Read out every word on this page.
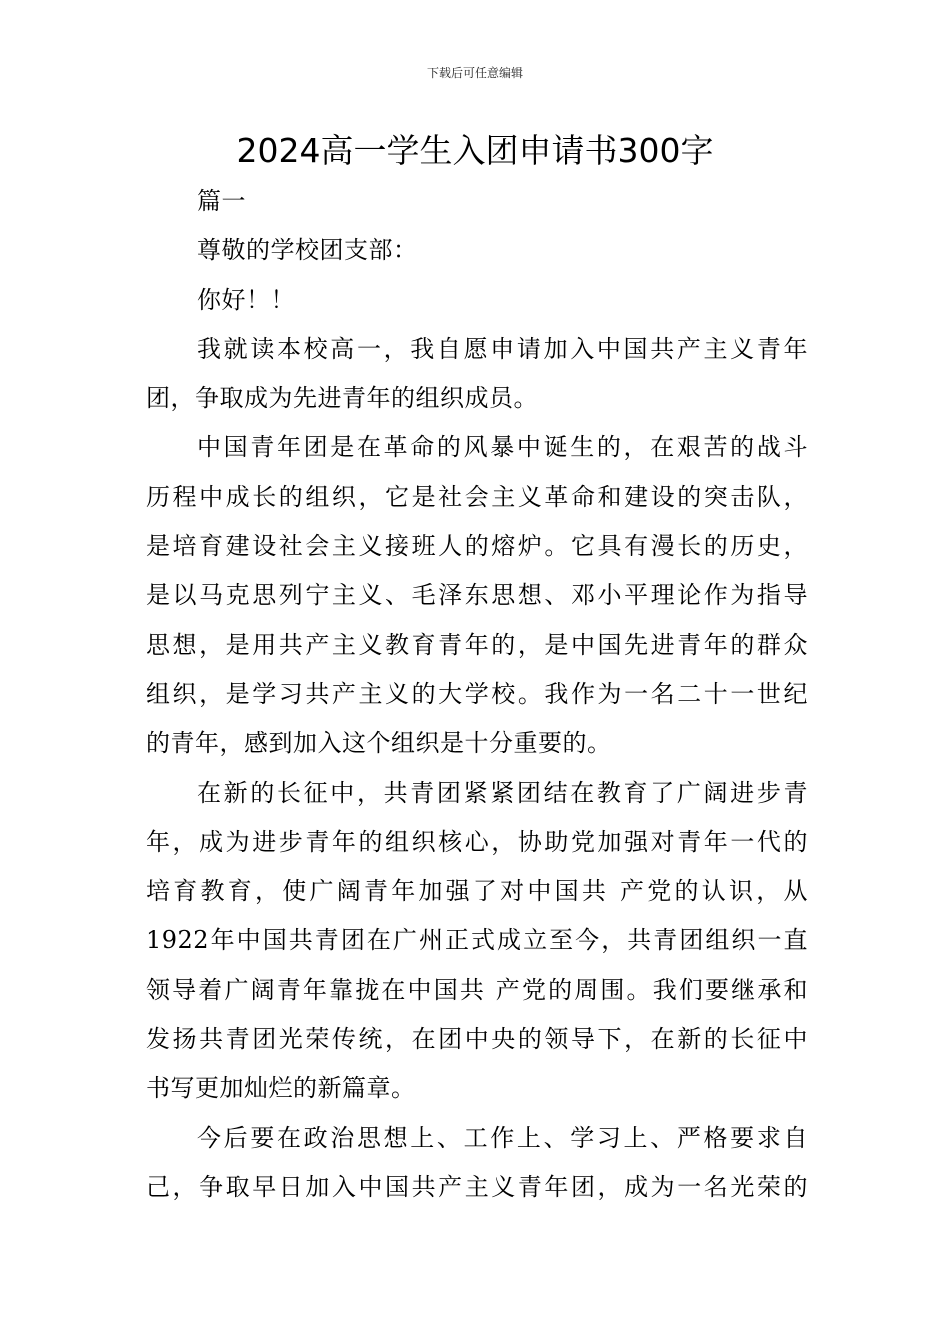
下载后可任意编辑
2024高一学生入团申请书300字
篇一
尊敬的学校团支部：
你好！！
我就读本校高一，我自愿申请加入中国共产主义青年
团，争取成为先进青年的组织成员。
中国青年团是在革命的风暴中诞生的，在艰苦的战斗
历程中成长的组织，它是社会主义革命和建设的突击队，
是培育建设社会主义接班人的熔炉。它具有漫长的历史，
是以马克思列宁主义、毛泽东思想、邓小平理论作为指导
思想，是用共产主义教育青年的，是中国先进青年的群众
组织，是学习共产主义的大学校。我作为一名二十一世纪
的青年，感到加入这个组织是十分重要的。
在新的长征中，共青团紧紧团结在教育了广阔进步青
年，成为进步青年的组织核心，协助党加强对青年一代的
培育教育，使广阔青年加强了对中国共 产党的认识，从
1922年中国共青团在广州正式成立至今，共青团组织一直
领导着广阔青年靠拢在中国共 产党的周围。我们要继承和
发扬共青团光荣传统，在团中央的领导下，在新的长征中
书写更加灿烂的新篇章。
今后要在政治思想上、工作上、学习上、严格要求自
己，争取早日加入中国共产主义青年团，成为一名光荣的
